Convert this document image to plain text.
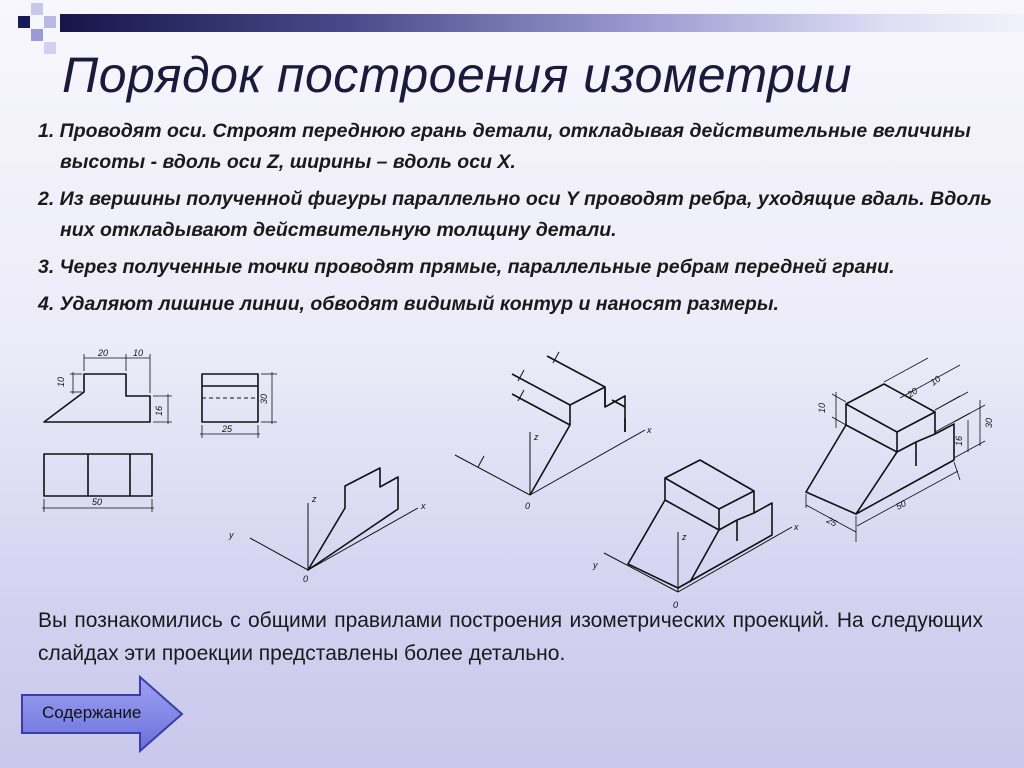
Порядок построения изометрии
1. Проводят оси. Строят переднюю грань детали, откладывая действительные величины высоты - вдоль оси Z, ширины – вдоль оси X.
2. Из вершины полученной фигуры параллельно оси Y проводят ребра, уходящие вдаль. Вдоль них откладывают действительную толщину детали.
3. Через полученные точки проводят прямые, параллельные ребрам передней грани.
4. Удаляют лишние линии, обводят видимый контур и наносят размеры.
20	10
10
16
30
25
50	z
x
y
0
z
x
0
z
x
y
0
10
20
10
30
16
25
50

Вы познакомились с общими правилами построения изометрических проекций. На следующих слайдах эти проекции представлены более детально.

Содержание
